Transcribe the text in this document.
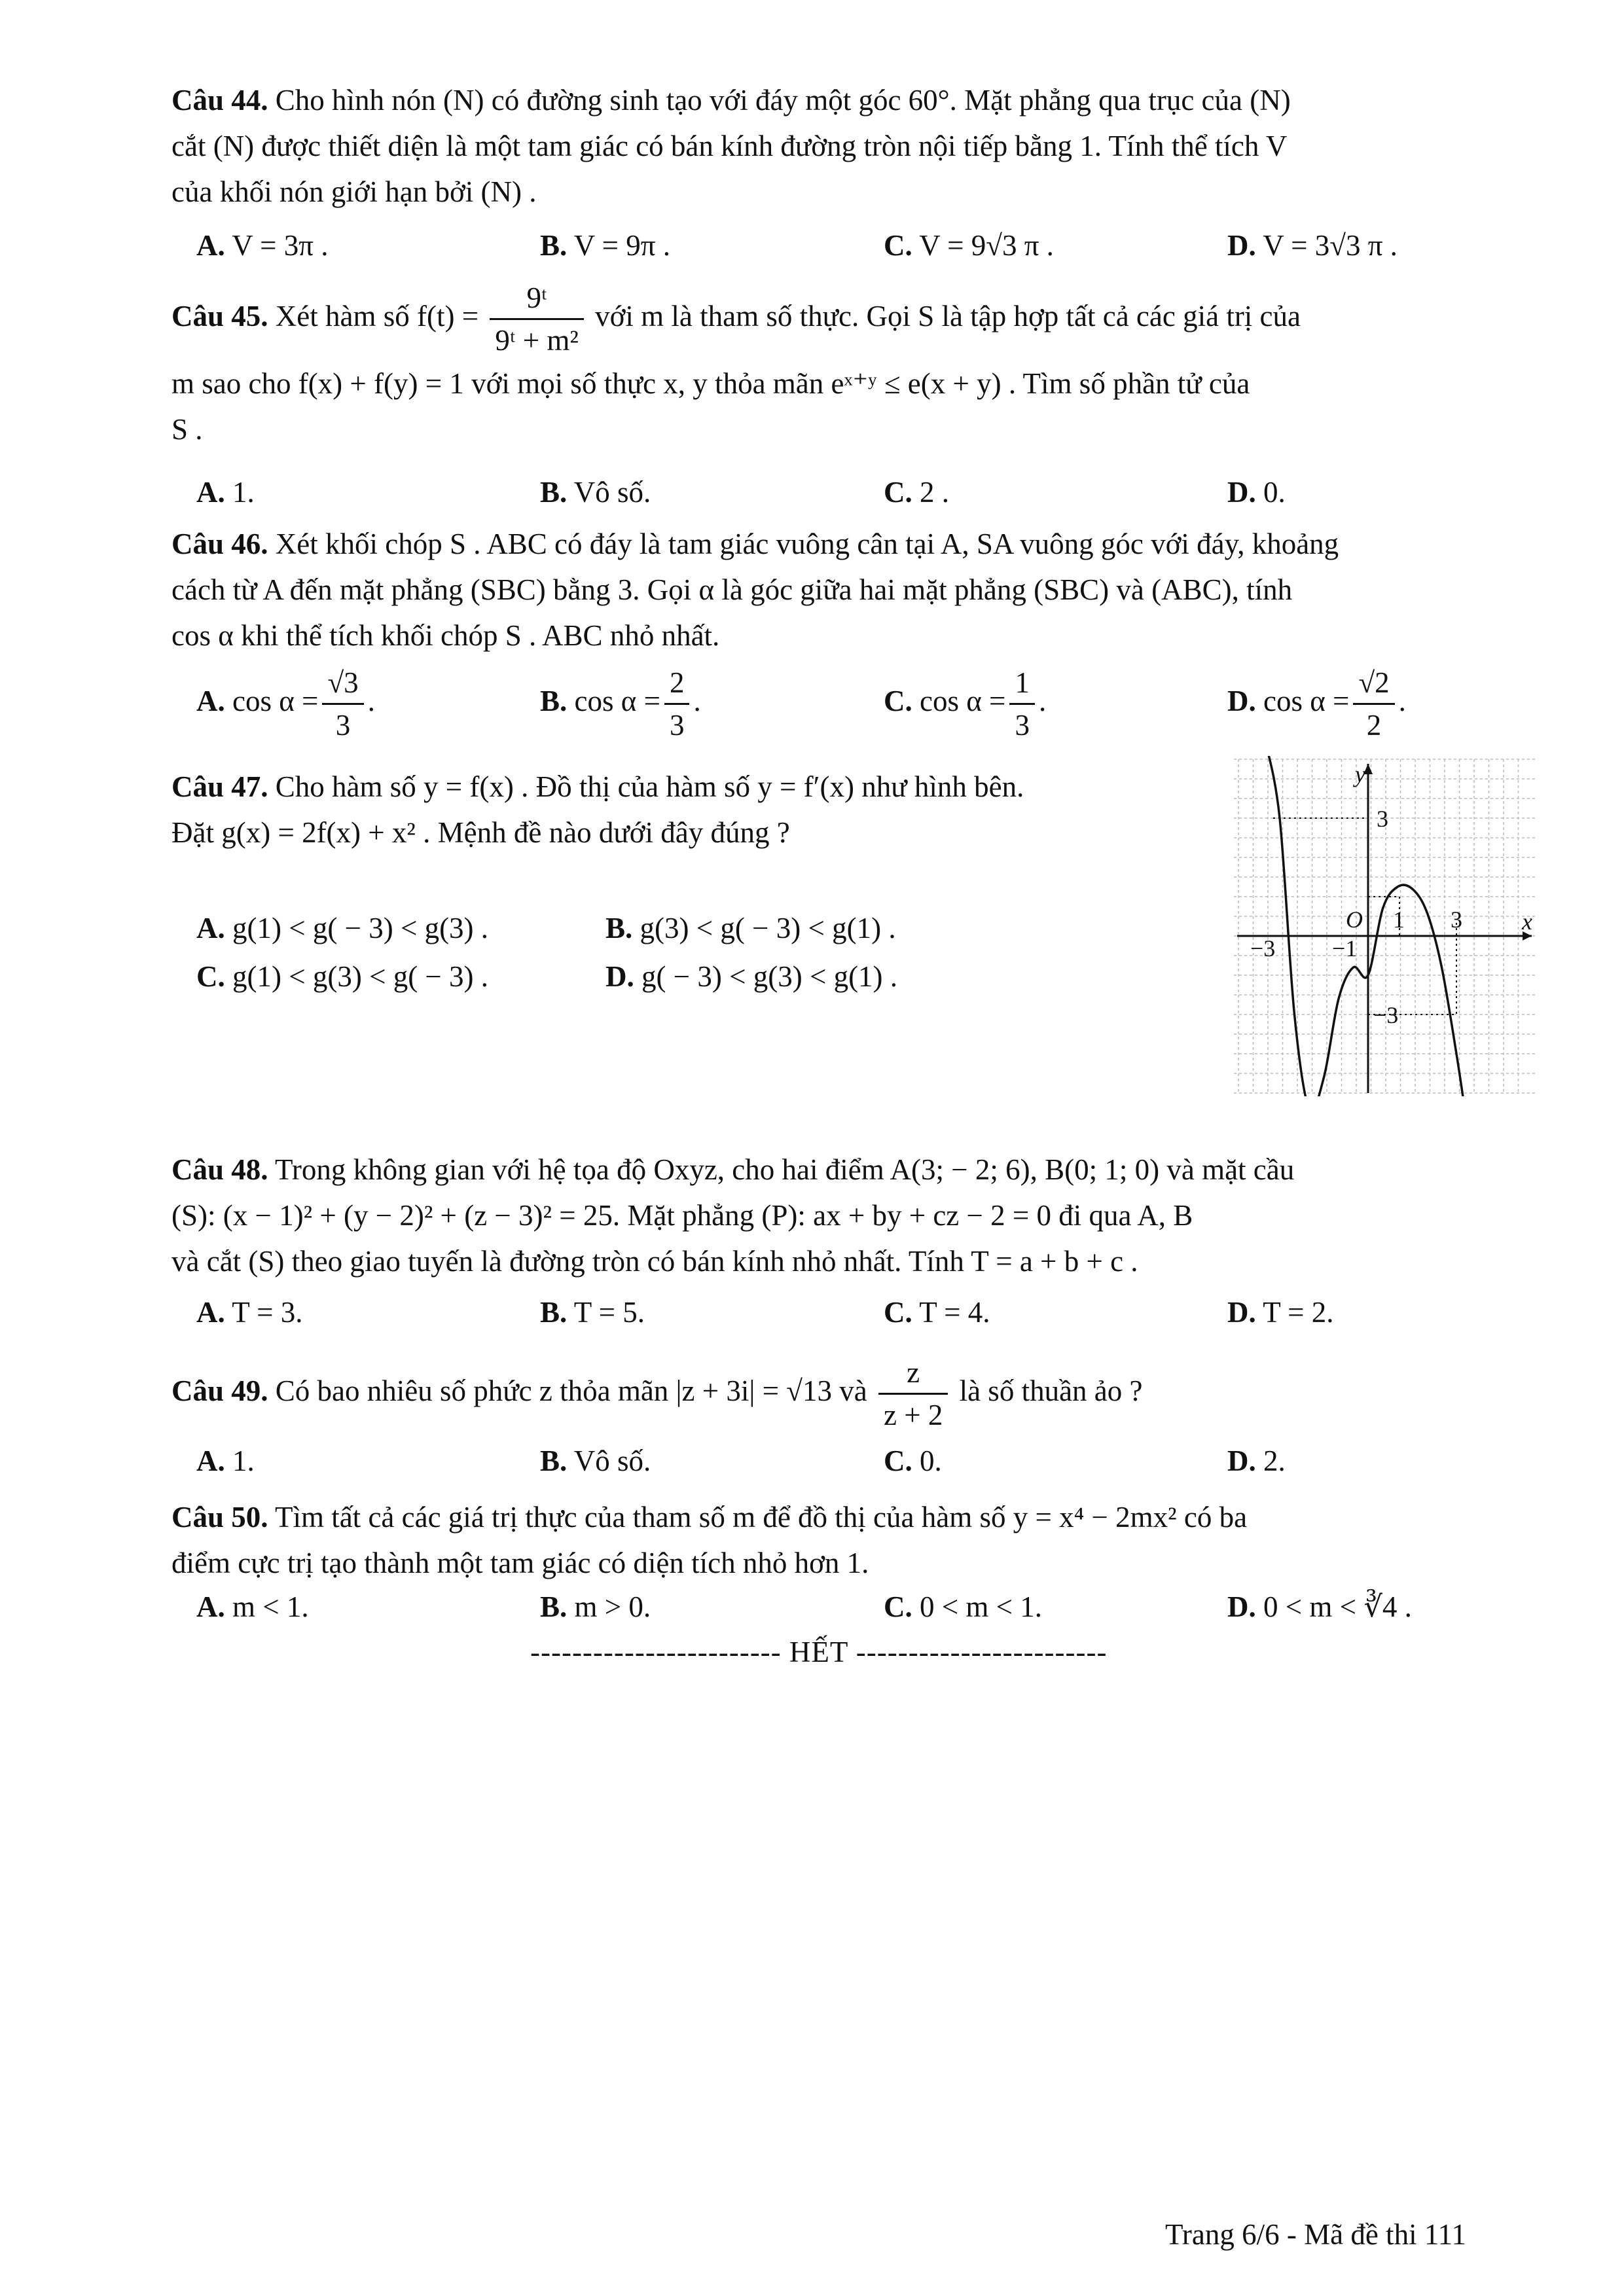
Câu 44. Cho hình nón (N) có đường sinh tạo với đáy một góc 60°. Mặt phẳng qua trục của (N)
cắt (N) được thiết diện là một tam giác có bán kính đường tròn nội tiếp bằng 1. Tính thể tích V
của khối nón giới hạn bởi (N) .
A. V = 3π .	B. V = 9π .	C. V = 9√3 π .	D. V = 3√3 π .
Câu 45. Xét hàm số $f(t) = \frac{\text{9ᵗ}}{\text{9ᵗ + m²}}$ với m là tham số thực. Gọi S là tập hợp tất cả các giá trị của
m sao cho f(x) + f(y) = 1 với mọi số thực x, y thỏa mãn eˣ⁺ʸ ≤ e(x + y) . Tìm số phần tử của
S .
A. 1.	B. Vô số.	C. 2 .	D. 0.
Câu 46. Xét khối chóp S . ABC có đáy là tam giác vuông cân tại A, SA vuông góc với đáy, khoảng
cách từ A đến mặt phẳng (SBC) bằng 3. Gọi α là góc giữa hai mặt phẳng (SBC) và (ABC), tính
cos α khi thể tích khối chóp S . ABC nhỏ nhất.
A. $\cos \alpha = \frac{√3}{3}$ .	B. $\cos \alpha = \frac{2}{3}$ .	C. $\cos \alpha = \frac{1}{3}$ .	D. $\cos \alpha = \frac{√2}{2}$ .
Câu 47. Cho hàm số y = f(x) . Đồ thị của hàm số y = f′(x) như hình bên.
Đặt g(x) = 2f(x) + x² . Mệnh đề nào dưới đây đúng ?
A. g(1) < g( − 3) < g(3) .	B. g(3) < g( − 3) < g(1) .
C. g(1) < g(3) < g( − 3) .	D. g( − 3) < g(3) < g(1) .
y
x
O
3
1 3
−3 −1
−3
Câu 48. Trong không gian với hệ tọa độ Oxyz, cho hai điểm A(3; − 2; 6), B(0; 1; 0) và mặt cầu
(S): (x − 1)² + (y − 2)² + (z − 3)² = 25. Mặt phẳng (P): ax + by + cz − 2 = 0 đi qua A, B
và cắt (S) theo giao tuyến là đường tròn có bán kính nhỏ nhất. Tính T = a + b + c .
A. T = 3.	B. T = 5.	C. T = 4.	D. T = 2.
Câu 49. Có bao nhiêu số phức z thỏa mãn |z + 3i| = √13 và $\frac{z}{z + 2}$ là số thuần ảo ?
A. 1.	B. Vô số.	C. 0.	D. 2.
Câu 50. Tìm tất cả các giá trị thực của tham số m để đồ thị của hàm số y = x⁴ − 2mx² có ba
điểm cực trị tạo thành một tam giác có diện tích nhỏ hơn 1.
A. m < 1.	B. m > 0.	C. 0 < m < 1.	D. 0 < m < ∛4 .
------------------------ HẾT ------------------------
Trang 6/6 - Mã đề thi 111
